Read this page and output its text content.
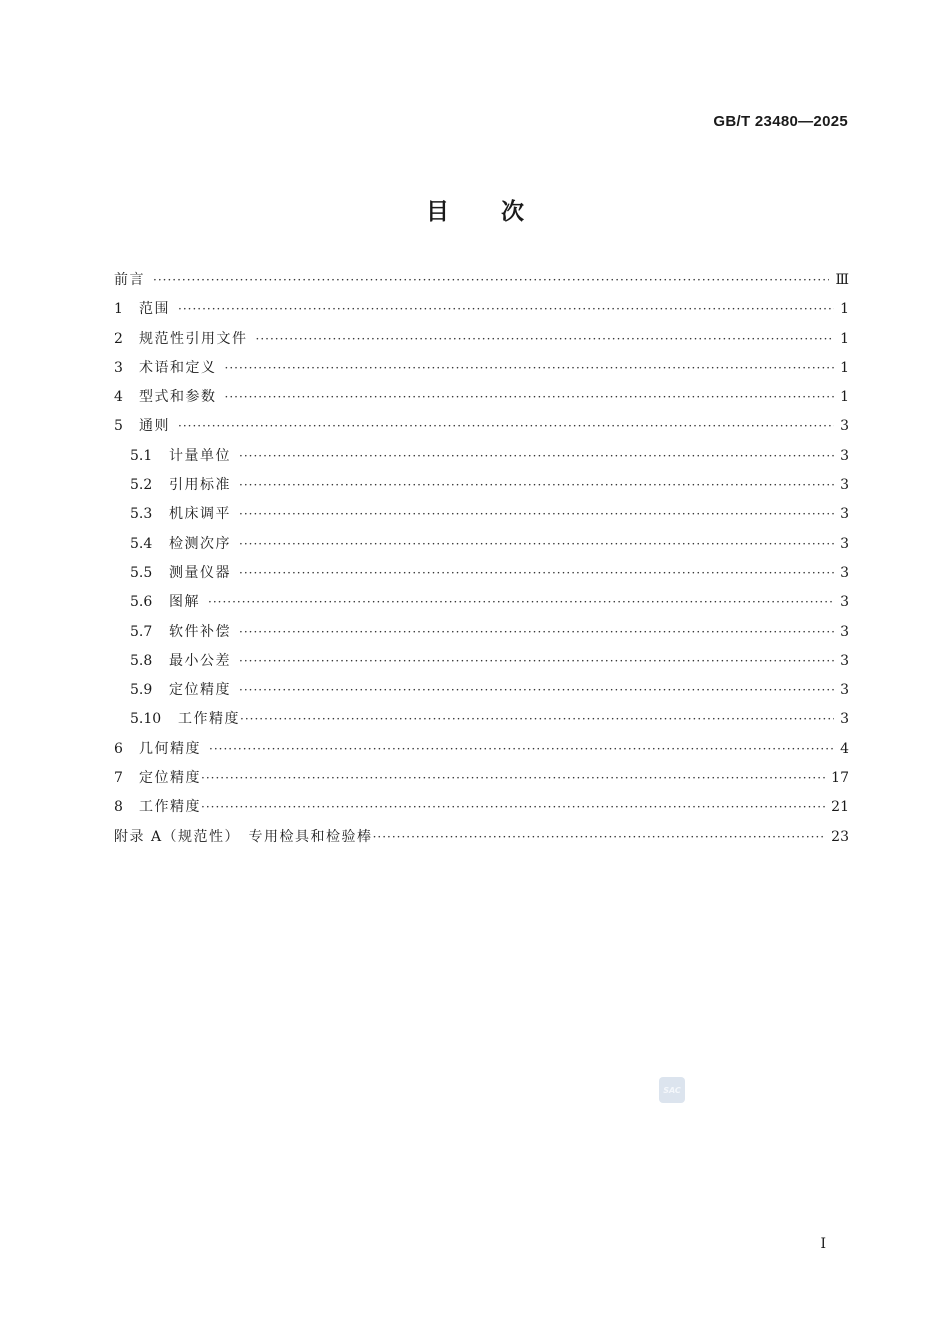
GB/T 23480—2025
目 次
前言 ·····	Ⅲ
1	范围 ·····	1
2	规范性引用文件 ·····	1
3	术语和定义 ·····	1
4	型式和参数 ·····	1
5	通则 ·····	3
5.1	计量单位 ·····	3
5.2	引用标准 ·····	3
5.3	机床调平 ·····	3
5.4	检测次序 ·····	3
5.5	测量仪器 ·····	3
5.6	图解 ·····	3
5.7	软件补偿 ·····	3
5.8	最小公差 ·····	3
5.9	定位精度 ·····	3
5.10	工作精度 ·····	3
6	几何精度 ·····	4
7	定位精度 ·····	17
8	工作精度 ·····	21
附录 A（规范性）　专用检具和检验棒 ·····	23
SAC
I
